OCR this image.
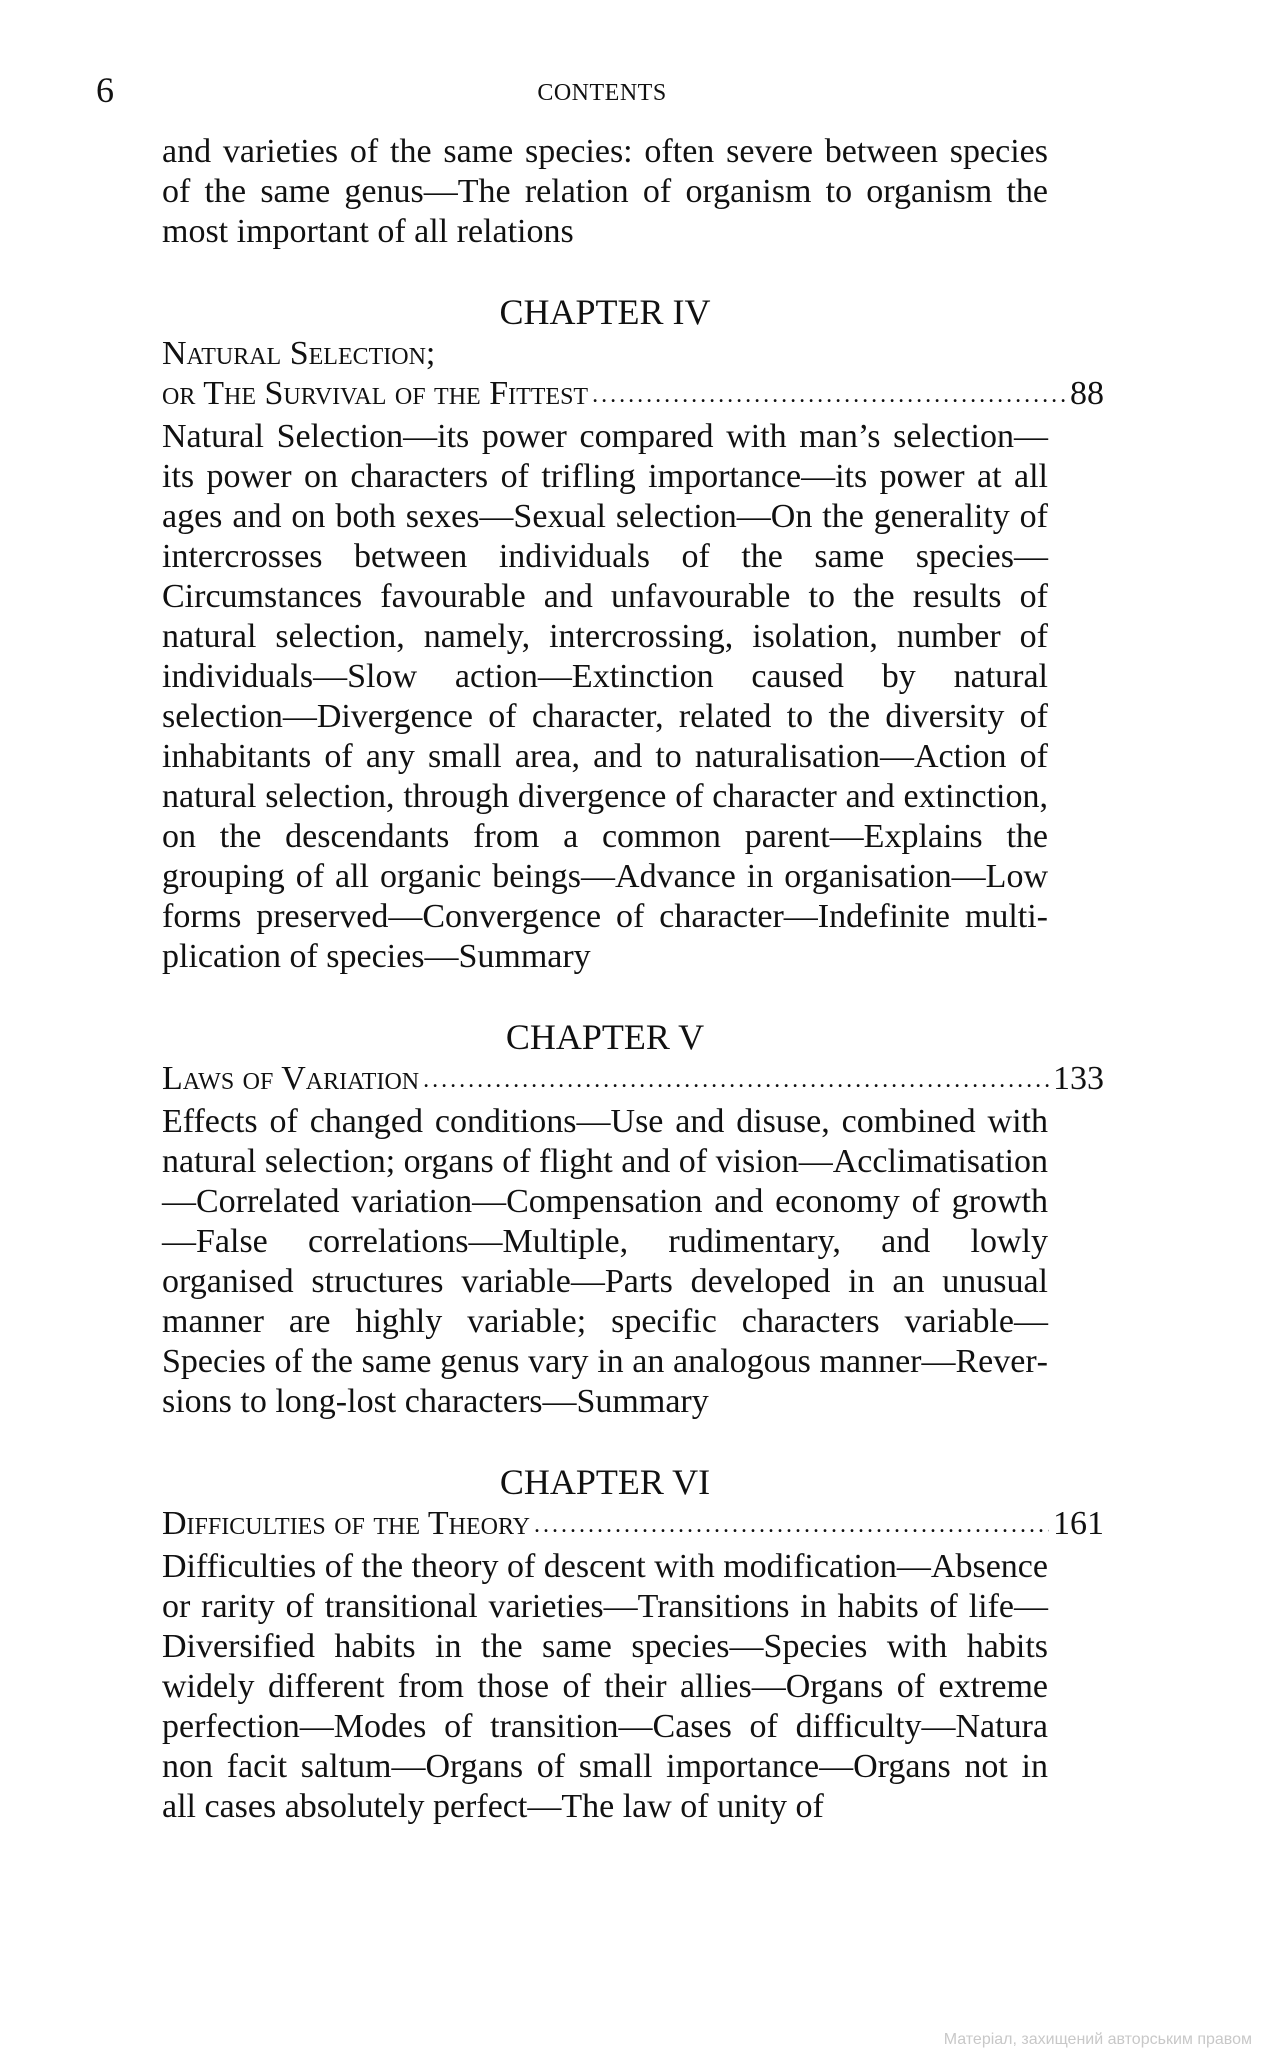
6	CONTENTS

and varieties of the same species: often severe between species of the same genus—The relation of organism to organism the most important of all relations

CHAPTER IV

Natural Selection;

or The Survival of the Fittest .....	88

Natural Selection—its power compared with man’s selection—its power on characters of trifling importance—its power at all ages and on both sexes—Sexual selection—On the generality of intercrosses between individuals of the same species—Circumstances favourable and unfavourable to the results of natural selection, namely, intercrossing, isolation, number of individuals—Slow action—Extinction caused by natural selection—Divergence of character, related to the diversity of inhabitants of any small area, and to naturalisation—Action of natural selection, through divergence of character and extinction, on the descendants from a common parent—Explains the grouping of all organic beings—Advance in organisation—Low forms preserved—Convergence of character—Indefinite multiplication of species—Summary

CHAPTER V

Laws of Variation .....	133

Effects of changed conditions—Use and disuse, combined with natural selection; organs of flight and of vision—Acclimatisation—Correlated variation—Compensation and economy of growth—False correlations—Multiple, rudimentary, and lowly organised structures variable—Parts developed in an unusual manner are highly variable; specific characters variable—Species of the same genus vary in an analogous manner—Reversions to long-lost characters—Summary

CHAPTER VI

Difficulties of the Theory .....	161

Difficulties of the theory of descent with modification—Absence or rarity of transitional varieties—Transitions in habits of life—Diversified habits in the same species—Species with habits widely different from those of their allies—Organs of extreme perfection—Modes of transition—Cases of difficulty—Natura non facit saltum—Organs of small importance—Organs not in all cases absolutely perfect—The law of unity of

Матеріал, захищений авторським правом
